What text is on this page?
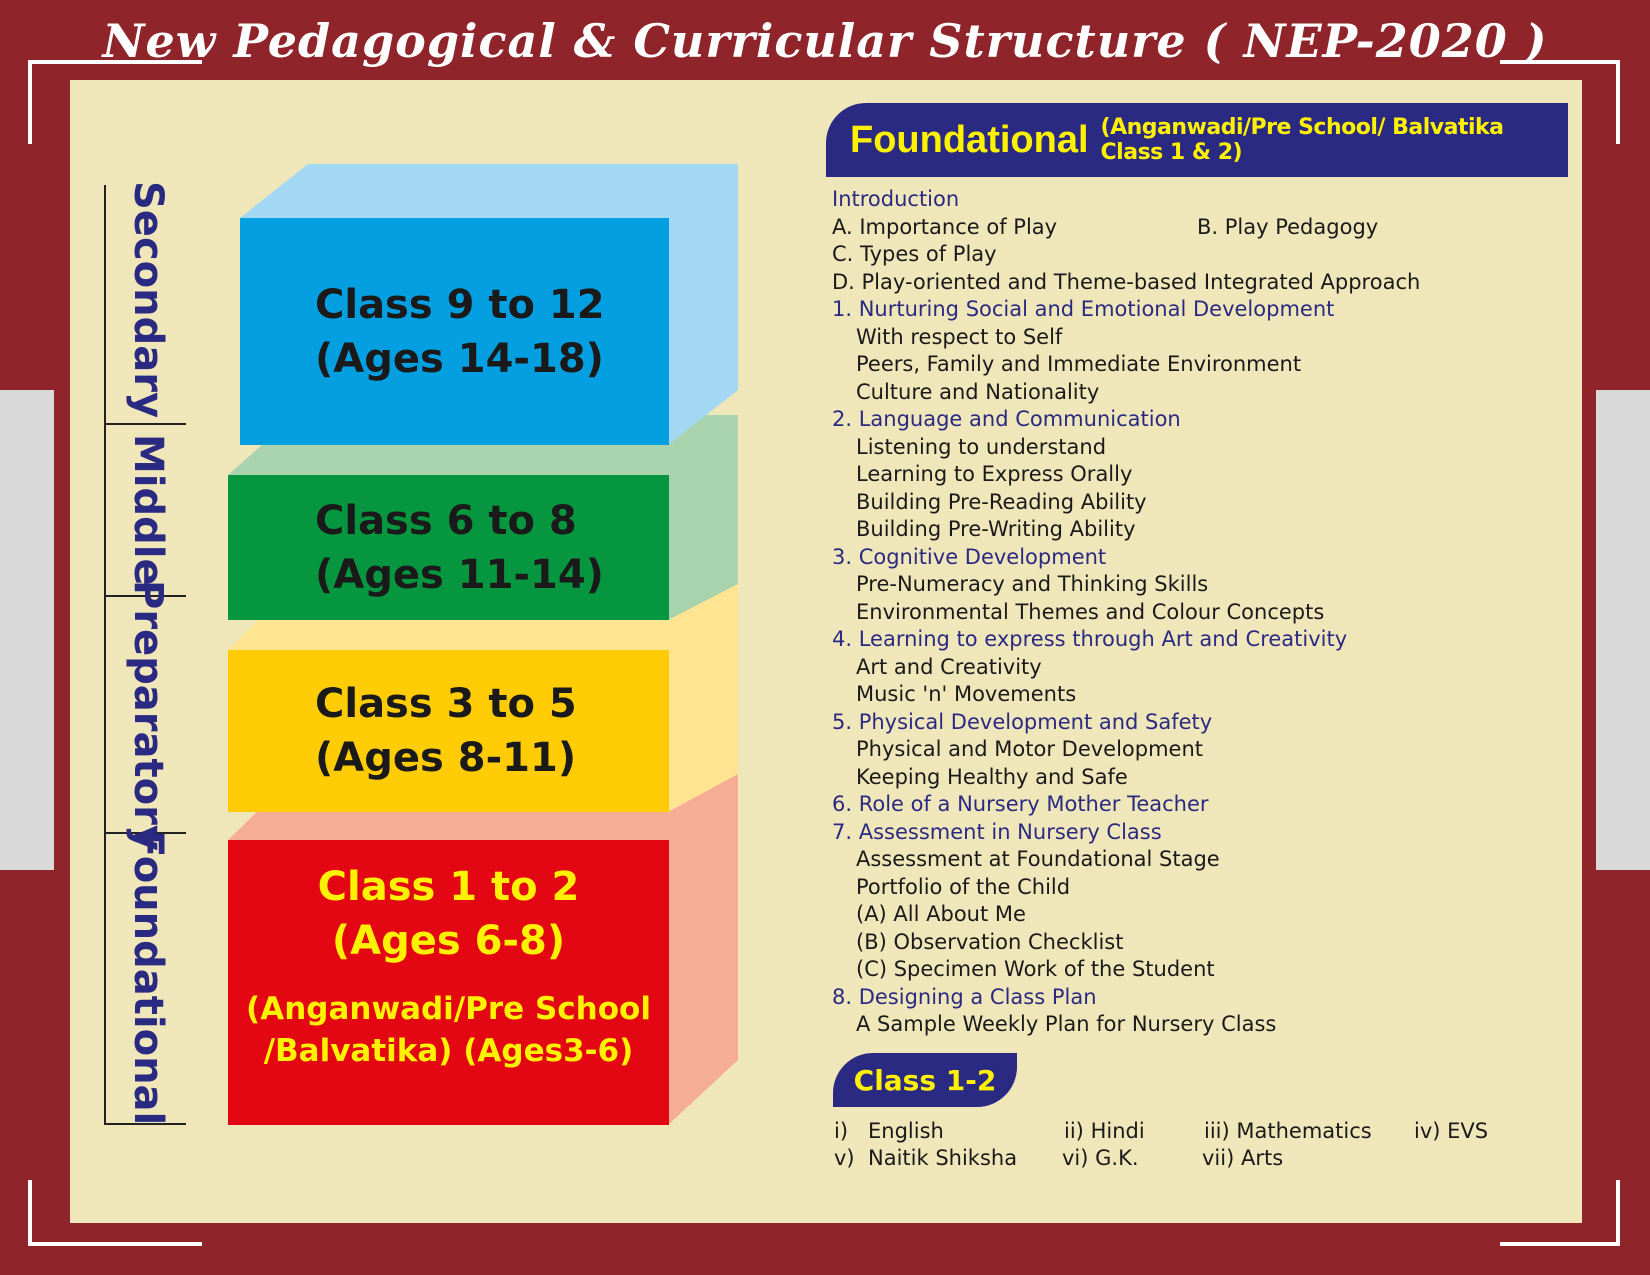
New Pedagogical & Curricular Structure ( NEP-2020 )
Secondary
Middle
Preparatory
Foundational
Class 9 to 12
(Ages 14-18)
Class 6 to 8
(Ages 11-14)
Class 3 to 5
(Ages 8-11)
Class 1 to 2
(Ages 6-8)
(Anganwadi/Pre School
/Balvatika) (Ages3-6)
Foundational (Anganwadi/Pre School/ Balvatika Class 1 & 2)
Introduction
A. Importance of Play	B. Play Pedagogy
C. Types of Play
D. Play-oriented and Theme-based Integrated Approach
1. Nurturing Social and Emotional Development
With respect to Self
Peers, Family and Immediate Environment
Culture and Nationality
2. Language and Communication
Listening to understand
Learning to Express Orally
Building Pre-Reading Ability
Building Pre-Writing Ability
3. Cognitive Development
Pre-Numeracy and Thinking Skills
Environmental Themes and Colour Concepts
4. Learning to express through Art and Creativity
Art and Creativity
Music 'n' Movements
5. Physical Development and Safety
Physical and Motor Development
Keeping Healthy and Safe
6. Role of a Nursery Mother Teacher
7. Assessment in Nursery Class
Assessment at Foundational Stage
Portfolio of the Child
(A) All About Me
(B) Observation Checklist
(C) Specimen Work of the Student
8. Designing a Class Plan
A Sample Weekly Plan for Nursery Class
Class 1-2
i) English	ii) Hindi	iii) Mathematics iv) EVS
v) Naitik Shiksha vi) G.K.	vii) Arts
